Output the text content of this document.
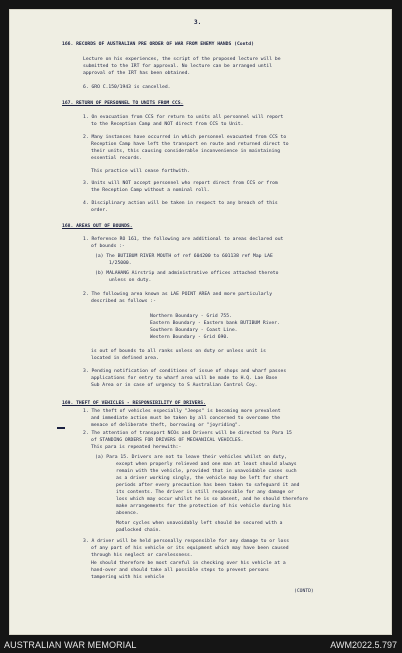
3.

166. RECORDS OF AUSTRALIAN PRE ORDER OF WAR FROM ENEMY HANDS (Contd)

Lecture on his experiences, the script of the proposed lecture will be

submitted to the IRT for approval. No lecture can be arranged until

approval of the IRT has been obtained.

6. GRO C.150/1943 is cancelled.

167. RETURN OF PERSONNEL TO UNITS FROM CCS.

1. On evacuation from CCS for return to units all personnel will report

to the Reception Camp and NOT direct from CCS to Unit.

2. Many instances have occurred in which personnel evacuated from CCS to

Reception Camp have left the transport en route and returned direct to

their units, this causing considerable inconvenience in maintaining

essential records.

This practice will cease forthwith.

3. Units will NOT accept personnel who report direct from CCS or from

the Reception Camp without a nominal roll.

4. Disciplinary action will be taken in respect to any breach of this

order.

168. AREAS OUT OF BOUNDS.

1. Reference RO 161, the following are additional to areas declared out

of bounds :-

(a) The BUTIBUM RIVER MOUTH of ref 604200 to 601138 ref Map LAE

1/25000.

(b) MALAHANG Airstrip and administrative offices attached thereto

unless on duty.

2. The following area known as LAE POINT AREA and more particularly

described as follows :-

Northern Boundary - Grid 755.

Eastern Boundary - Eastern bank BUTIBUM River.

Southern Boundary - Coast Line.

Western Boundary - Grid 690.

is out of bounds to all ranks unless on duty or unless unit is

located in defined area.

3. Pending notification of conditions of issue of shops and wharf passes

applications for entry to wharf area will be made to H.Q. Lae Base

Sub Area or in case of urgency to S Australian Control Coy.

169. THEFT OF VEHICLES - RESPONSIBILITY OF DRIVERS.

1. The theft of vehicles especially "Jeeps" is becoming more prevalent

and immediate action must be taken by all concerned to overcome the

menace of deliberate theft, borrowing or "joyriding".

2. The attention of transport NCOs and Drivers will be directed to Para 15

of STANDING ORDERS FOR DRIVERS OF MECHANICAL VEHICLES.

This para is repeated herewith:-

(a) Para 15. Drivers are not to leave their vehicles whilst on duty,

except when properly relieved and one man at least should always

remain with the vehicle, provided that in unavoidable cases such

as a driver working singly, the vehicle may be left for short

periods after every precaution has been taken to safeguard it and

its contents. The driver is still responsible for any damage or

loss which may occur whilst he is so absent, and he should therefore

make arrangements for the protection of his vehicle during his

absence.

Motor cycles when unavoidably left should be secured with a

padlocked chain.

3. A driver will be held personally responsible for any damage to or loss

of any part of his vehicle or its equipment which may have been caused

through his neglect or carelessness.

He should therefore be most careful in checking over his vehicle at a

hand-over and should take all possible steps to prevent persons

tampering with his vehicle

(CONTD)

AUSTRALIAN WAR MEMORIAL	AWM2022.5.797
